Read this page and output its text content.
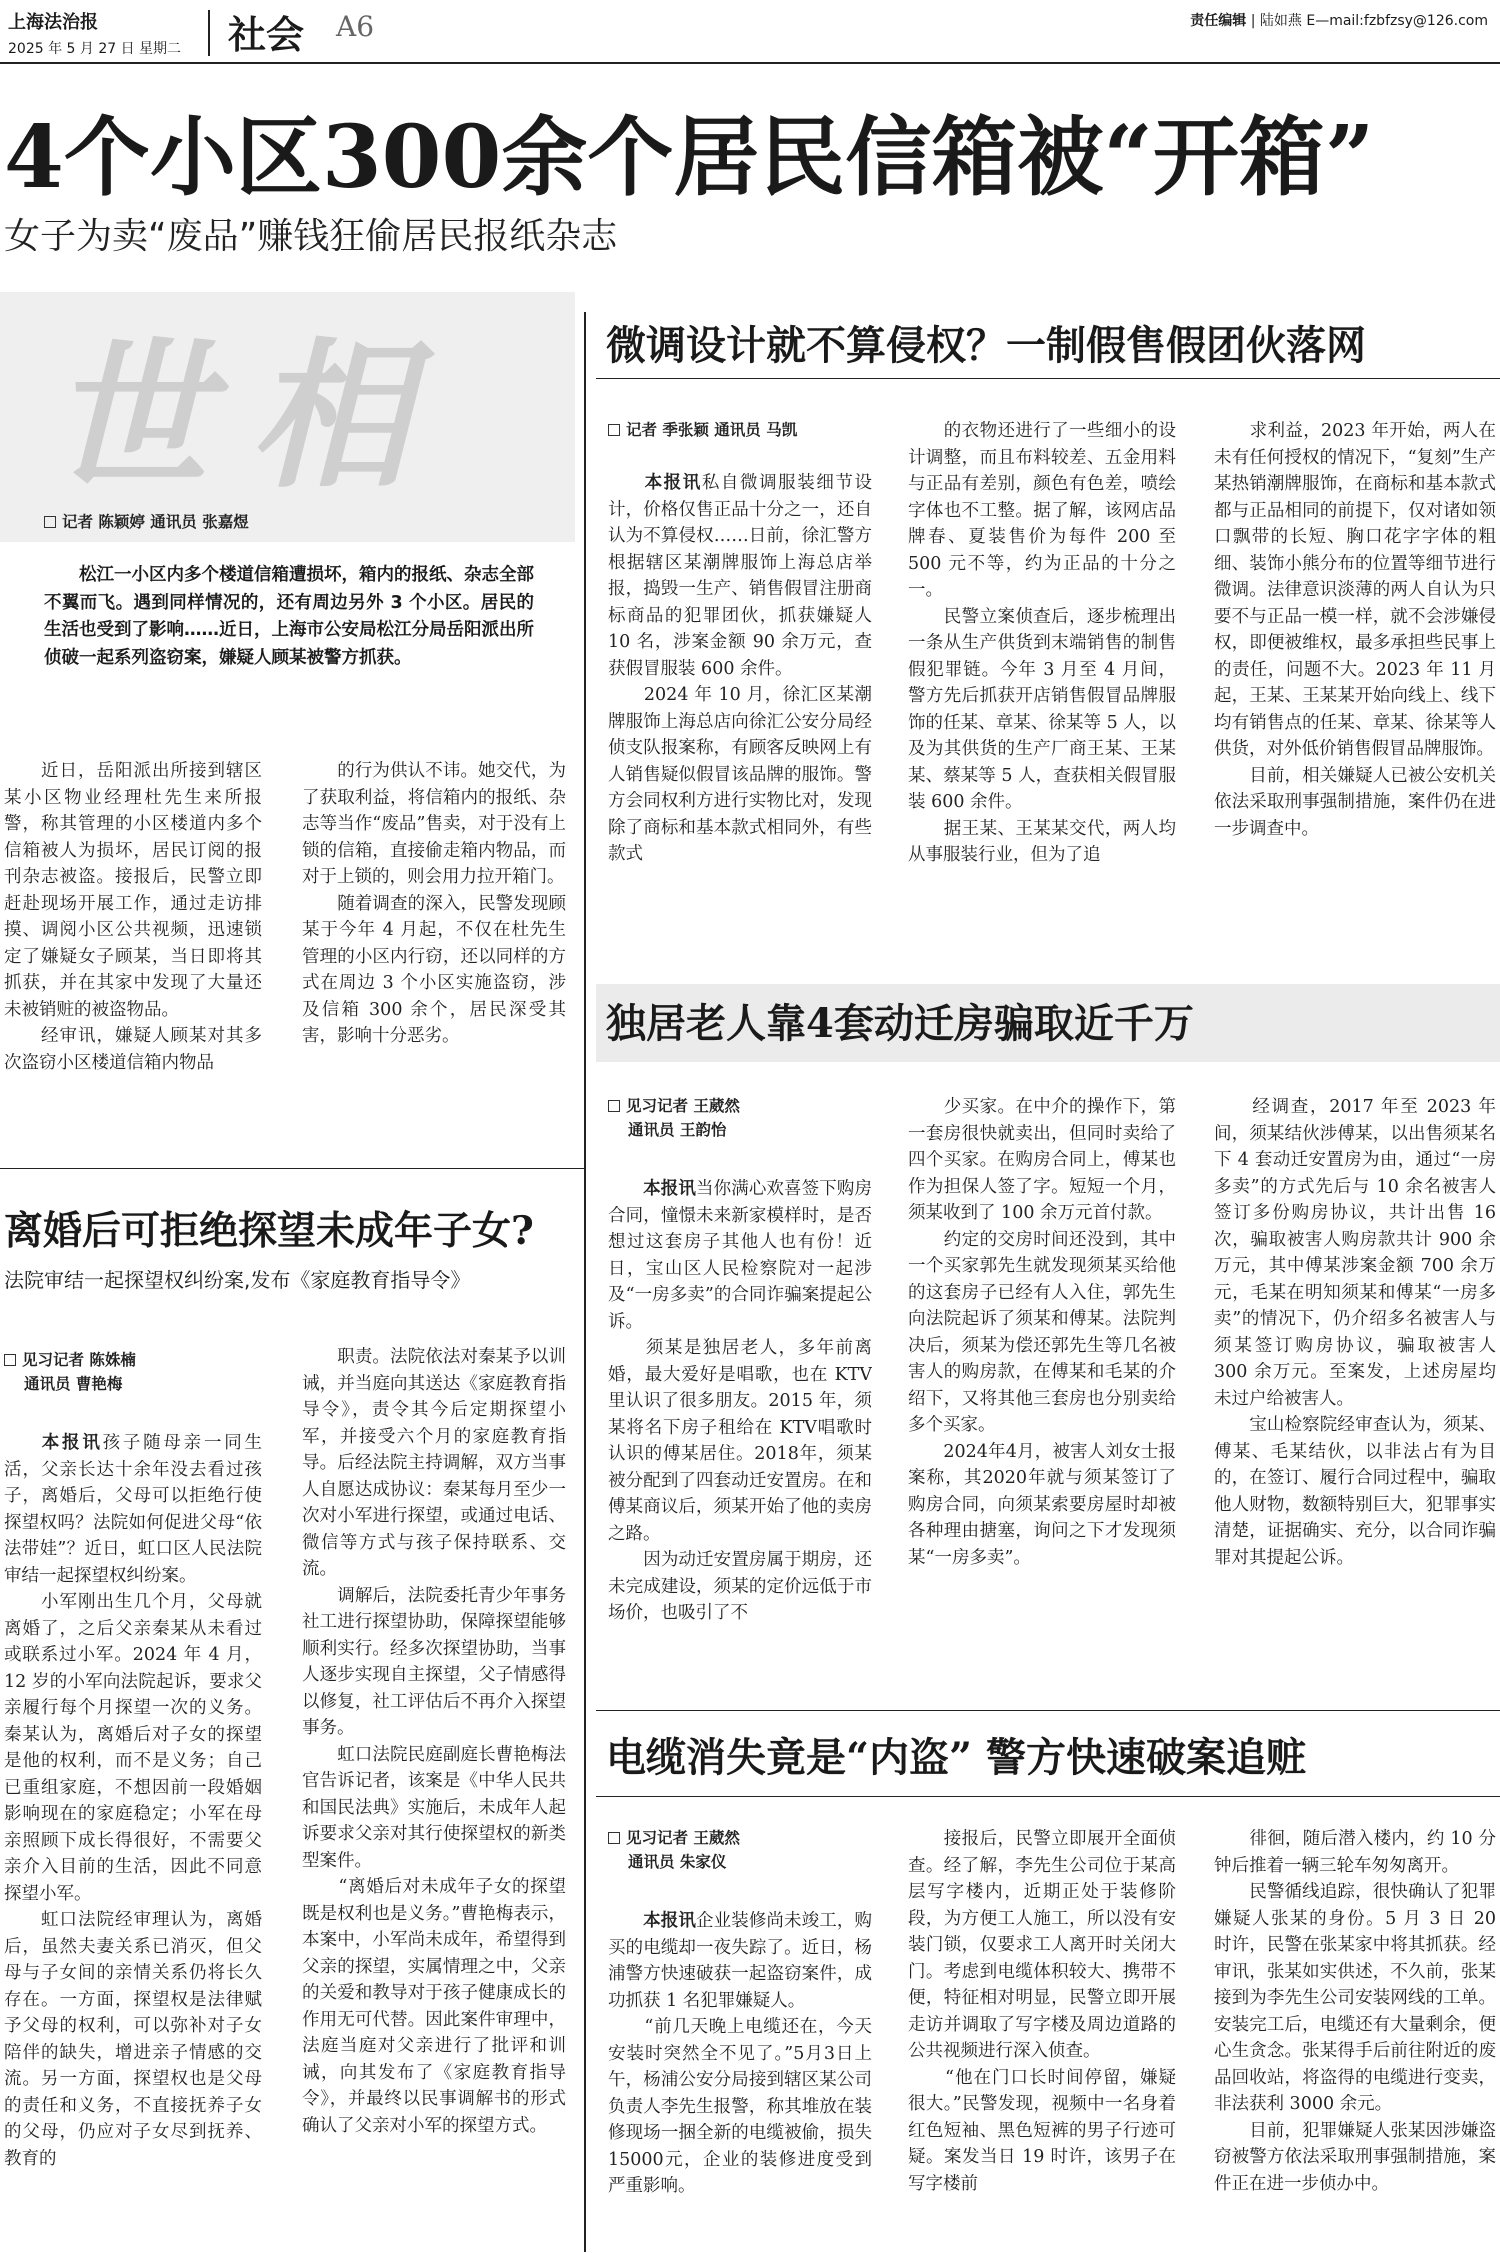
上海法治报
2025 年 5 月 27 日 星期二 社会 A6	责任编辑 | 陆如燕 E—mail:fzbfzsy@126.com
4个小区300余个居民信箱被“开箱”
女子为卖“废品”赚钱狂偷居民报纸杂志
世相
记者 陈颖婷 通讯员 张嘉煜
松江一小区内多个楼道信箱遭损坏，箱内的报纸、杂志全部不翼而飞。遇到同样情况的，还有周边另外 3 个小区。居民的生活也受到了影响……近日，上海市公安局松江分局岳阳派出所侦破一起系列盗窃案，嫌疑人顾某被警方抓获。
　　近日，岳阳派出所接到辖区某小区物业经理杜先生来所报警，称其管理的小区楼道内多个信箱被人为损坏，居民订阅的报刊杂志被盗。接报后，民警立即赶赴现场开展工作，通过走访排摸、调阅小区公共视频，迅速锁定了嫌疑女子顾某，当日即将其抓获，并在其家中发现了大量还未被销赃的被盗物品。
　　经审讯，嫌疑人顾某对其多次盗窃小区楼道信箱内物品
　　的行为供认不讳。她交代，为了获取利益，将信箱内的报纸、杂志等当作“废品”售卖，对于没有上锁的信箱，直接偷走箱内物品，而对于上锁的，则会用力拉开箱门。
　　随着调查的深入，民警发现顾某于今年 4 月起，不仅在杜先生管理的小区内行窃，还以同样的方式在周边 3 个小区实施盗窃，涉及信箱 300 余个，居民深受其害，影响十分恶劣。
离婚后可拒绝探望未成年子女?
法院审结一起探望权纠纷案,发布《家庭教育指导令》
见习记者 陈姝楠
通讯员 曹艳梅
本报讯孩子随母亲一同生活，父亲长达十余年没去看过孩子，离婚后，父母可以拒绝行使探望权吗？法院如何促进父母“依法带娃”？近日，虹口区人民法院审结一起探望权纠纷案。
　　小军刚出生几个月，父母就离婚了，之后父亲秦某从未看过或联系过小军。2024 年 4 月，12 岁的小军向法院起诉，要求父亲履行每个月探望一次的义务。秦某认为，离婚后对子女的探望是他的权利，而不是义务；自己已重组家庭，不想因前一段婚姻影响现在的家庭稳定；小军在母亲照顾下成长得很好，不需要父亲介入目前的生活，因此不同意探望小军。
　　虹口法院经审理认为，离婚后，虽然夫妻关系已消灭，但父母与子女间的亲情关系仍将长久存在。一方面，探望权是法律赋予父母的权利，可以弥补对子女陪伴的缺失，增进亲子情感的交流。另一方面，探望权也是父母的责任和义务，不直接抚养子女的父母，仍应对子女尽到抚养、教育的
　　职责。法院依法对秦某予以训诫，并当庭向其送达《家庭教育指导令》，责令其今后定期探望小军，并接受六个月的家庭教育指导。后经法院主持调解，双方当事人自愿达成协议：秦某每月至少一次对小军进行探望，或通过电话、微信等方式与孩子保持联系、交流。
　　调解后，法院委托青少年事务社工进行探望协助，保障探望能够顺利实行。经多次探望协助，当事人逐步实现自主探望，父子情感得以修复，社工评估后不再介入探望事务。
　　虹口法院民庭副庭长曹艳梅法官告诉记者，该案是《中华人民共和国民法典》实施后，未成年人起诉要求父亲对其行使探望权的新类型案件。
　　“离婚后对未成年子女的探望既是权利也是义务。”曹艳梅表示，本案中，小军尚未成年，希望得到父亲的探望，实属情理之中，父亲的关爱和教导对于孩子健康成长的作用无可代替。因此案件审理中，法庭当庭对父亲进行了批评和训诫，向其发布了《家庭教育指导令》，并最终以民事调解书的形式确认了父亲对小军的探望方式。
微调设计就不算侵权？一制假售假团伙落网
记者 季张颖 通讯员 马凯
本报讯私自微调服装细节设计，价格仅售正品十分之一，还自认为不算侵权……日前，徐汇警方根据辖区某潮牌服饰上海总店举报，捣毁一生产、销售假冒注册商标商品的犯罪团伙，抓获嫌疑人 10 名，涉案金额 90 余万元，查获假冒服装 600 余件。
　　2024 年 10 月，徐汇区某潮牌服饰上海总店向徐汇公安分局经侦支队报案称，有顾客反映网上有人销售疑似假冒该品牌的服饰。警方会同权利方进行实物比对，发现除了商标和基本款式相同外，有些款式
　　的衣物还进行了一些细小的设计调整，而且布料较差、五金用料与正品有差别，颜色有色差，喷绘字体也不工整。据了解，该网店品牌春、夏装售价为每件 200 至 500 元不等，约为正品的十分之一。
　　民警立案侦查后，逐步梳理出一条从生产供货到末端销售的制售假犯罪链。今年 3 月至 4 月间，警方先后抓获开店销售假冒品牌服饰的任某、章某、徐某等 5 人，以及为其供货的生产厂商王某、王某某、蔡某等 5 人，查获相关假冒服装 600 余件。
　　据王某、王某某交代，两人均从事服装行业，但为了追
　　求利益，2023 年开始，两人在未有任何授权的情况下，“复刻”生产某热销潮牌服饰，在商标和基本款式都与正品相同的前提下，仅对诸如领口飘带的长短、胸口花字字体的粗细、装饰小熊分布的位置等细节进行微调。法律意识淡薄的两人自认为只要不与正品一模一样，就不会涉嫌侵权，即便被维权，最多承担些民事上的责任，问题不大。2023 年 11 月起，王某、王某某开始向线上、线下均有销售点的任某、章某、徐某等人供货，对外低价销售假冒品牌服饰。
　　目前，相关嫌疑人已被公安机关依法采取刑事强制措施，案件仍在进一步调查中。
独居老人靠4套动迁房骗取近千万
见习记者 王葳然
通讯员 王韵怡
本报讯当你满心欢喜签下购房合同，憧憬未来新家模样时，是否想过这套房子其他人也有份！近日，宝山区人民检察院对一起涉及“一房多卖”的合同诈骗案提起公诉。
　　须某是独居老人，多年前离婚，最大爱好是唱歌，也在 KTV里认识了很多朋友。2015 年，须某将名下房子租给在 KTV唱歌时认识的傅某居住。2018年，须某被分配到了四套动迁安置房。在和傅某商议后，须某开始了他的卖房之路。
　　因为动迁安置房属于期房，还未完成建设，须某的定价远低于市场价，也吸引了不
　　少买家。在中介的操作下，第一套房很快就卖出，但同时卖给了四个买家。在购房合同上，傅某也作为担保人签了字。短短一个月，须某收到了 100 余万元首付款。
　　约定的交房时间还没到，其中一个买家郭先生就发现须某买给他的这套房子已经有人入住，郭先生向法院起诉了须某和傅某。法院判决后，须某为偿还郭先生等几名被害人的购房款，在傅某和毛某的介绍下，又将其他三套房也分别卖给多个买家。
　　2024年4月，被害人刘女士报案称，其2020年就与须某签订了购房合同，向须某索要房屋时却被各种理由搪塞，询问之下才发现须某“一房多卖”。
　　经调查，2017 年至 2023 年间，须某结伙涉傅某，以出售须某名下 4 套动迁安置房为由，通过“一房多卖”的方式先后与 10 余名被害人签订多份购房协议，共计出售 16 次，骗取被害人购房款共计 900 余万元，其中傅某涉案金额 700 余万元，毛某在明知须某和傅某“一房多卖”的情况下，仍介绍多名被害人与须某签订购房协议，骗取被害人 300 余万元。至案发，上述房屋均未过户给被害人。
　　宝山检察院经审查认为，须某、傅某、毛某结伙，以非法占有为目的，在签订、履行合同过程中，骗取他人财物，数额特别巨大，犯罪事实清楚，证据确实、充分，以合同诈骗罪对其提起公诉。
电缆消失竟是“内盗” 警方快速破案追赃
见习记者 王葳然
通讯员 朱家仪
本报讯企业装修尚未竣工，购买的电缆却一夜失踪了。近日，杨浦警方快速破获一起盗窃案件，成功抓获 1 名犯罪嫌疑人。
　　“前几天晚上电缆还在，今天安装时突然全不见了。”5月3日上午，杨浦公安分局接到辖区某公司负责人李先生报警，称其堆放在装修现场一捆全新的电缆被偷，损失15000元，企业的装修进度受到严重影响。
　　接报后，民警立即展开全面侦查。经了解，李先生公司位于某高层写字楼内，近期正处于装修阶段，为方便工人施工，所以没有安装门锁，仅要求工人离开时关闭大门。考虑到电缆体积较大、携带不便，特征相对明显，民警立即开展走访并调取了写字楼及周边道路的公共视频进行深入侦查。
　　“他在门口长时间停留，嫌疑很大。”民警发现，视频中一名身着红色短袖、黑色短裤的男子行迹可疑。案发当日 19 时许，该男子在写字楼前
　　徘徊，随后潜入楼内，约 10 分钟后推着一辆三轮车匆匆离开。
　　民警循线追踪，很快确认了犯罪嫌疑人张某的身份。5 月 3 日 20 时许，民警在张某家中将其抓获。经审讯，张某如实供述，不久前，张某接到为李先生公司安装网线的工单。安装完工后，电缆还有大量剩余，便心生贪念。张某得手后前往附近的废品回收站，将盗得的电缆进行变卖，非法获利 3000 余元。
　　目前，犯罪嫌疑人张某因涉嫌盗窃被警方依法采取刑事强制措施，案件正在进一步侦办中。
